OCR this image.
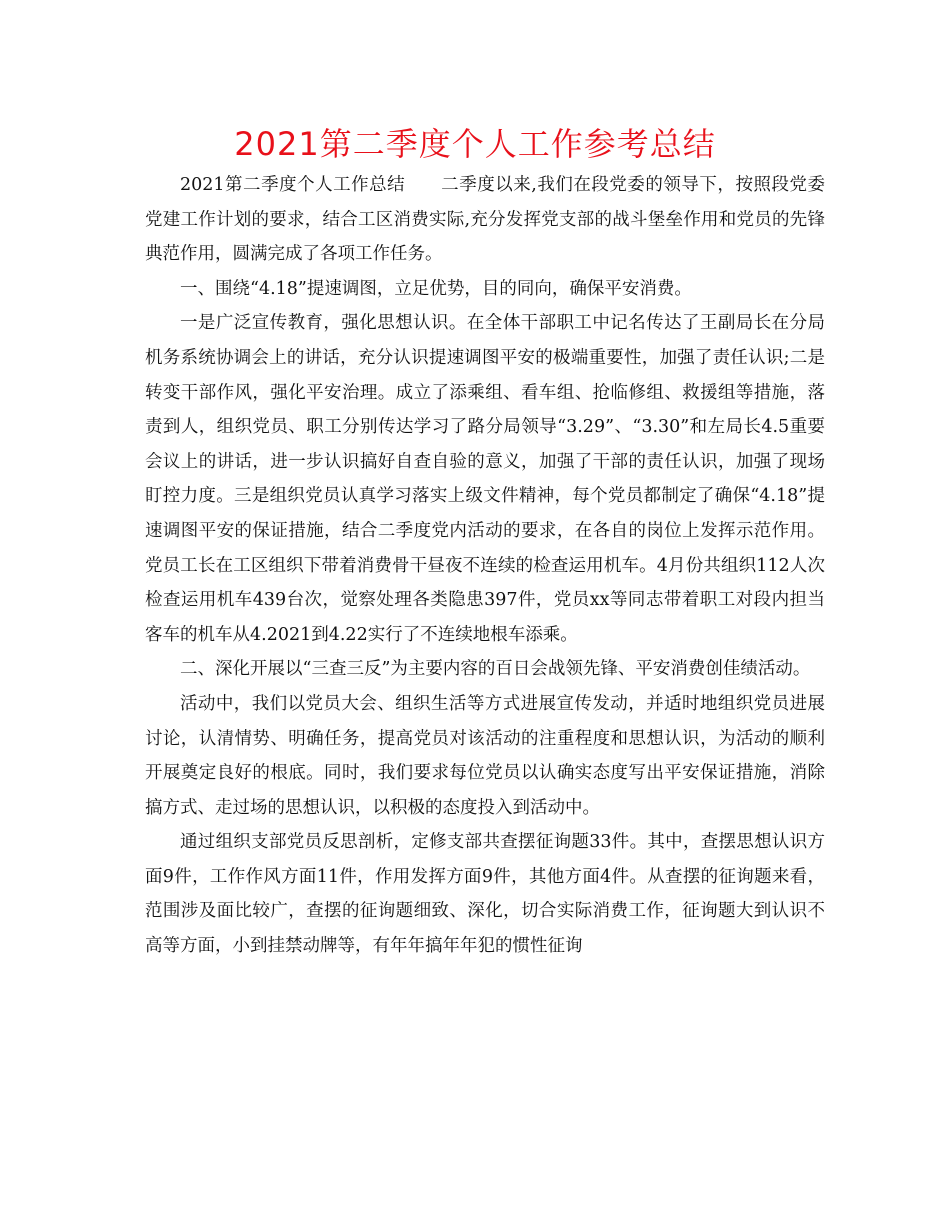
2021第二季度个人工作参考总结

2021第二季度个人工作总结　　二季度以来,我们在段党委的领导下，按照段党委党建工作计划的要求，结合工区消费实际,充分发挥党支部的战斗堡垒作用和党员的先锋典范作用，圆满完成了各项工作任务。

一、围绕“4.18”提速调图，立足优势，目的同向，确保平安消费。

一是广泛宣传教育，强化思想认识。在全体干部职工中记名传达了王副局长在分局机务系统协调会上的讲话，充分认识提速调图平安的极端重要性，加强了责任认识;二是转变干部作风，强化平安治理。成立了添乘组、看车组、抢临修组、救援组等措施，落责到人，组织党员、职工分别传达学习了路分局领导“3.29”、“3.30”和左局长4.5重要会议上的讲话，进一步认识搞好自查自验的意义，加强了干部的责任认识，加强了现场盯控力度。三是组织党员认真学习落实上级文件精神，每个党员都制定了确保“4.18”提速调图平安的保证措施，结合二季度党内活动的要求，在各自的岗位上发挥示范作用。党员工长在工区组织下带着消费骨干昼夜不连续的检查运用机车。4月份共组织112人次检查运用机车439台次，觉察处理各类隐患397件，党员xx等同志带着职工对段内担当客车的机车从4.2021到4.22实行了不连续地根车添乘。

二、深化开展以“三查三反”为主要内容的百日会战领先锋、平安消费创佳绩活动。

活动中，我们以党员大会、组织生活等方式进展宣传发动，并适时地组织党员进展讨论，认清情势、明确任务，提高党员对该活动的注重程度和思想认识，为活动的顺利开展奠定良好的根底。同时，我们要求每位党员以认确实态度写出平安保证措施，消除搞方式、走过场的思想认识，以积极的态度投入到活动中。

通过组织支部党员反思剖析，定修支部共查摆征询题33件。其中，查摆思想认识方面9件，工作作风方面11件，作用发挥方面9件，其他方面4件。从查摆的征询题来看，范围涉及面比较广，查摆的征询题细致、深化，切合实际消费工作，征询题大到认识不高等方面，小到挂禁动牌等，有年年搞年年犯的惯性征询
